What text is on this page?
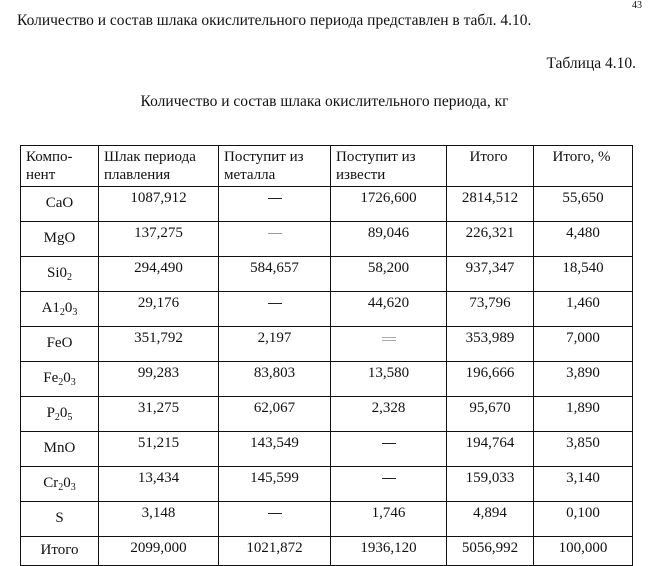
43
Количество и состав шлака окислительного периода представлен в табл. 4.10.
Таблица 4.10.
Количество и состав шлака окислительного периода, кг
Компо- нент	Шлак периода плавления	Поступит из металла	Поступит из извести	Итого	Итого, %
CaO	1087,912		1726,600	2814,512	55,650
MgO	137,275		89,046	226,321	4,480
$Si0_2$	294,490	584,657	58,200	937,347	18,540
$A1_20_3$	29,176		44,620	73,796	1,460
FeO	351,792	2,197		353,989	7,000
$Fe_20_3$	99,283	83,803	13,580	196,666	3,890
$P_20_5$	31,275	62,067	2,328	95,670	1,890
MnO	51,215	143,549		194,764	3,850
$Cr_20_3$	13,434	145,599		159,033	3,140
S	3,148		1,746	4,894	0,100
Итого	2099,000	1021,872	1936,120	5056,992	100,000
